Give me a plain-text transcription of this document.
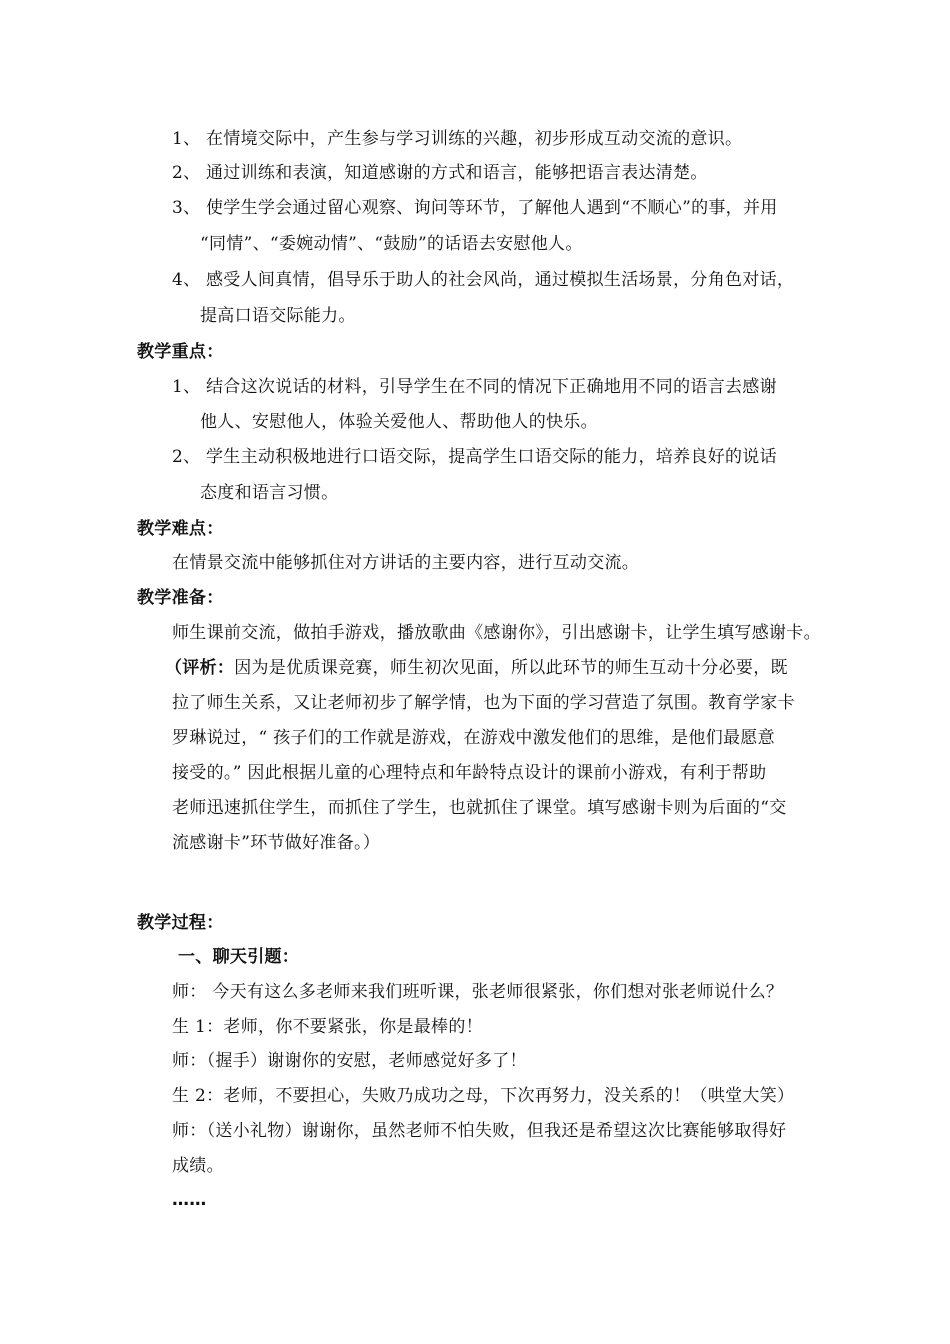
1、 在情境交际中，产生参与学习训练的兴趣，初步形成互动交流的意识。
2、 通过训练和表演，知道感谢的方式和语言，能够把语言表达清楚。
3、 使学生学会通过留心观察、询问等环节，了解他人遇到“不顺心”的事，并用
“同情”、“委婉动情”、“鼓励”的话语去安慰他人。
4、 感受人间真情，倡导乐于助人的社会风尚，通过模拟生活场景，分角色对话，
提高口语交际能力。
教学重点：
1、 结合这次说话的材料，引导学生在不同的情况下正确地用不同的语言去感谢
他人、安慰他人，体验关爱他人、帮助他人的快乐。
2、 学生主动积极地进行口语交际，提高学生口语交际的能力，培养良好的说话
态度和语言习惯。
教学难点：
在情景交流中能够抓住对方讲话的主要内容，进行互动交流。
教学准备：
师生课前交流，做拍手游戏，播放歌曲《感谢你》，引出感谢卡，让学生填写感谢卡。
（评析：因为是优质课竞赛，师生初次见面，所以此环节的师生互动十分必要，既
拉了师生关系，又让老师初步了解学情，也为下面的学习营造了氛围。教育学家卡
罗琳说过，“ 孩子们的工作就是游戏，在游戏中激发他们的思维，是他们最愿意
接受的。” 因此根据儿童的心理特点和年龄特点设计的课前小游戏，有利于帮助
老师迅速抓住学生，而抓住了学生，也就抓住了课堂。填写感谢卡则为后面的“交
流感谢卡”环节做好准备。）
教学过程：
一、聊天引题：
师： 今天有这么多老师来我们班听课，张老师很紧张，你们想对张老师说什么？
生 1：老师，你不要紧张，你是最棒的！
师：（握手）谢谢你的安慰，老师感觉好多了！
生 2：老师，不要担心，失败乃成功之母，下次再努力，没关系的！（哄堂大笑）
师：（送小礼物）谢谢你，虽然老师不怕失败，但我还是希望这次比赛能够取得好
成绩。
……
